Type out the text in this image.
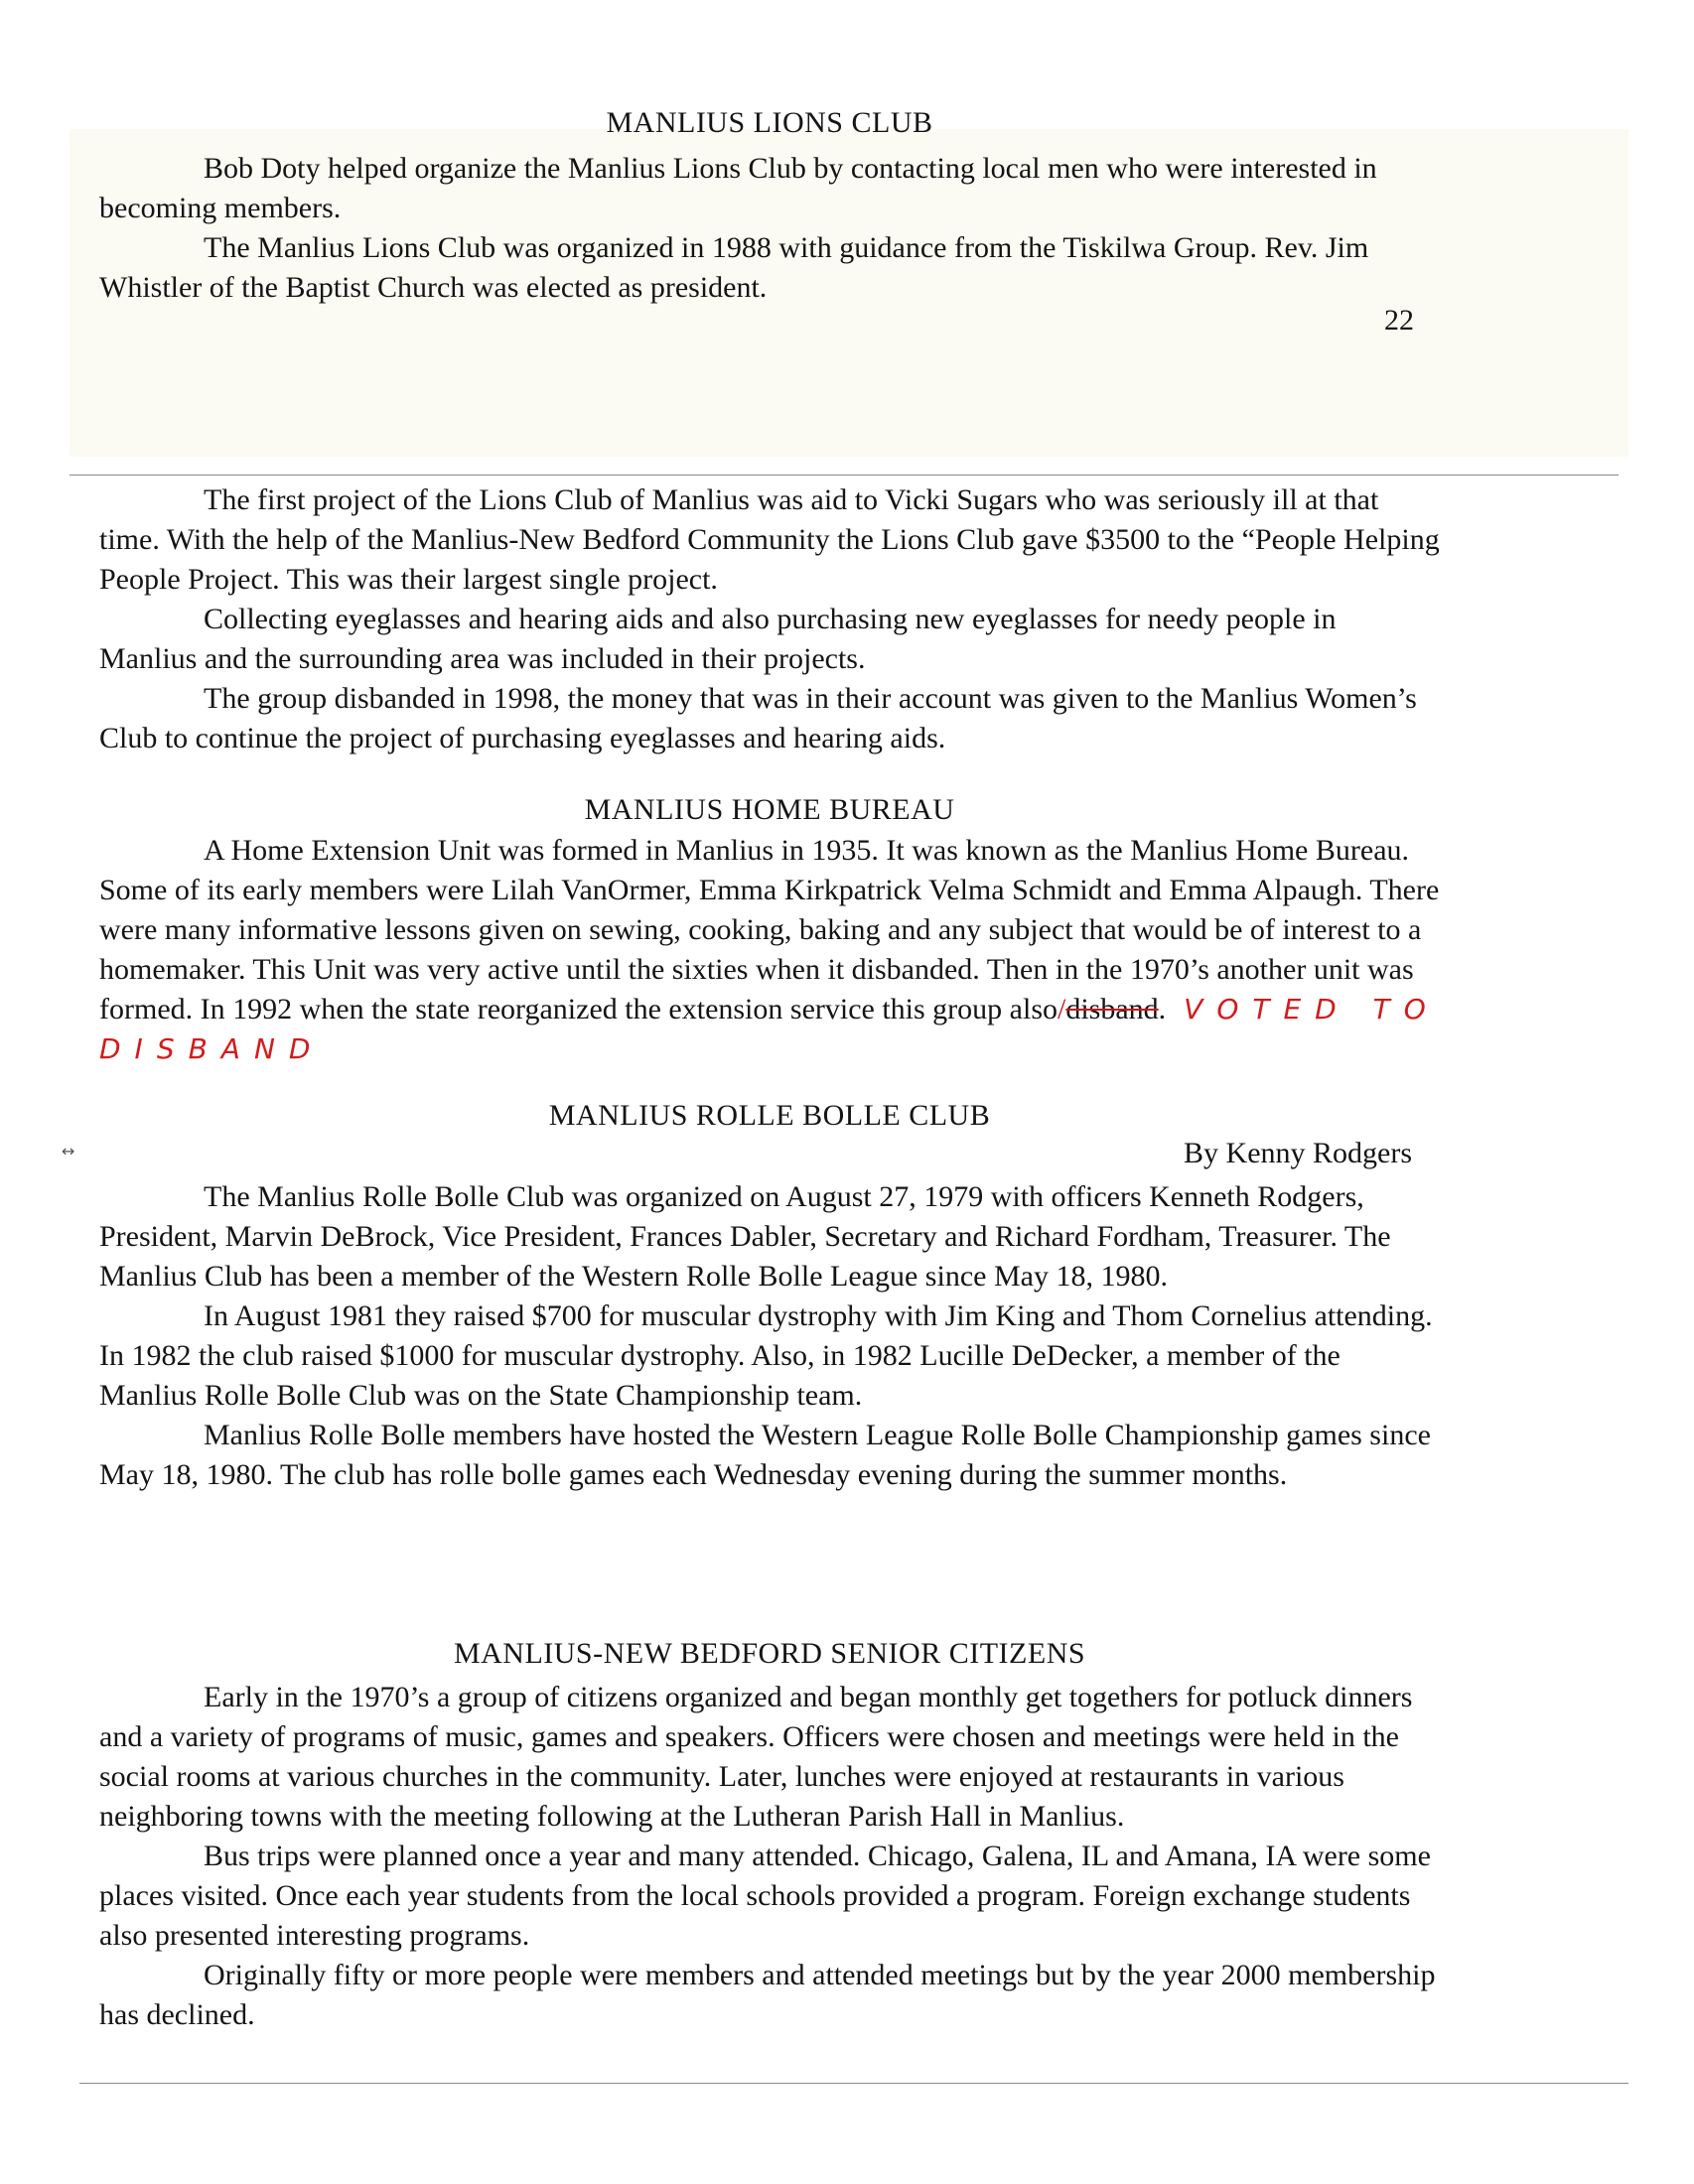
MANLIUS LIONS CLUB

Bob Doty helped organize the Manlius Lions Club by contacting local men who were interested in becoming members.

The Manlius Lions Club was organized in 1988 with guidance from the Tiskilwa Group. Rev. Jim Whistler of the Baptist Church was elected as president.

22

The first project of the Lions Club of Manlius was aid to Vicki Sugars who was seriously ill at that time. With the help of the Manlius-New Bedford Community the Lions Club gave $3500 to the “People Helping People Project. This was their largest single project.

Collecting eyeglasses and hearing aids and also purchasing new eyeglasses for needy people in Manlius and the surrounding area was included in their projects.

The group disbanded in 1998, the money that was in their account was given to the Manlius Women’s Club to continue the project of purchasing eyeglasses and hearing aids.

MANLIUS HOME BUREAU

A Home Extension Unit was formed in Manlius in 1935. It was known as the Manlius Home Bureau. Some of its early members were Lilah VanOrmer, Emma Kirkpatrick Velma Schmidt and Emma Alpaugh. There were many informative lessons given on sewing, cooking, baking and any subject that would be of interest to a homemaker. This Unit was very active until the sixties when it disbanded. Then in the 1970’s another unit was formed. In 1992 when the state reorganized the extension service this group also/disband. VOTED TO DISBAND

MANLIUS ROLLE BOLLE CLUB
By Kenny Rodgers
↔

The Manlius Rolle Bolle Club was organized on August 27, 1979 with officers Kenneth Rodgers, President, Marvin DeBrock, Vice President, Frances Dabler, Secretary and Richard Fordham, Treasurer. The Manlius Club has been a member of the Western Rolle Bolle League since May 18, 1980.

In August 1981 they raised $700 for muscular dystrophy with Jim King and Thom Cornelius attending. In 1982 the club raised $1000 for muscular dystrophy. Also, in 1982 Lucille DeDecker, a member of the Manlius Rolle Bolle Club was on the State Championship team.

Manlius Rolle Bolle members have hosted the Western League Rolle Bolle Championship games since May 18, 1980. The club has rolle bolle games each Wednesday evening during the summer months.

MANLIUS-NEW BEDFORD SENIOR CITIZENS

Early in the 1970’s a group of citizens organized and began monthly get togethers for potluck dinners and a variety of programs of music, games and speakers. Officers were chosen and meetings were held in the social rooms at various churches in the community. Later, lunches were enjoyed at restaurants in various neighboring towns with the meeting following at the Lutheran Parish Hall in Manlius.

Bus trips were planned once a year and many attended. Chicago, Galena, IL and Amana, IA were some places visited. Once each year students from the local schools provided a program. Foreign exchange students also presented interesting programs.

Originally fifty or more people were members and attended meetings but by the year 2000 membership has declined.
